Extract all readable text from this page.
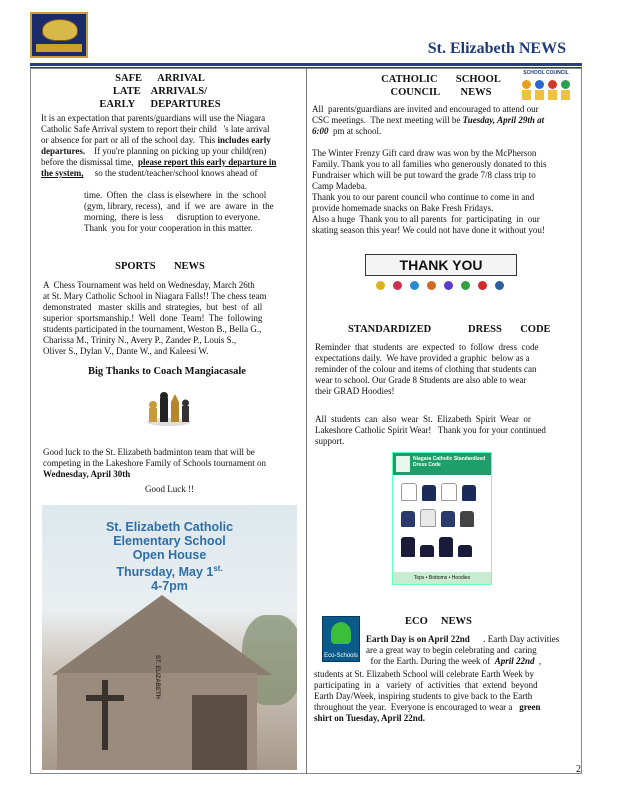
St. Elizabeth NEWS
SAFE      ARRIVAL
LATE    ARRIVALS/
EARLY      DEPARTURES
It is an expectation that parents/guardians will use the Niagara
Catholic Safe Arrival system to report their child   's late arrival
or absence for part or all of the school day.  This includes early
departures.    If you're planning on picking up your child(ren)
before the dismissal time,  please report this early departure in
the system,     so the student/teacher/school knows ahead of
time.  Often  the  class is elsewhere  in  the  school
(gym, library, recess),  and  if  we  are  aware  in  the
morning,  there is less      disruption to everyone.
Thank  you for your cooperation in this matter.
SPORTS       NEWS
A  Chess Tournament was held on Wednesday, March 26th
at St. Mary Catholic School in Niagara Falls!! The chess team
demonstrated   master  skills and  strategies,  but  best  of  all
superior  sportsmanship.!  Well  done  Team!  The  following
students participated in the tournament, Weston B., Bella G.,
Charissa M., Trinity N., Avery P., Zander P., Louis S.,
Oliver S., Dylan V., Dante W., and Kaleesi W.
Big Thanks to Coach Mangiacasale
Good luck to the St. Elizabeth badminton team that will be
competing in the Lakeshore Family of Schools tournament on
Wednesday, April 30th
Good Luck !!
ST. ELIZABETH
St. Elizabeth Catholic
Elementary School
Open House
Thursday, May $1^{st.}$
4-7pm
CATHOLIC       SCHOOL
COUNCIL        NEWS
SCHOOL COUNCIL
All  parents/guardians are invited and encouraged to attend our
CSC meetings.  The next meeting will be Tuesday, April 29th at
6:00  pm at school.

The Winter Frenzy Gift card draw was won by the McPherson
Family. Thank you to all families who generously donated to this
Fundraiser which will be put toward the grade 7/8 class trip to
Camp Madeba.
Thank you to our parent council who continue to come in and
provide homemade snacks on Bake Fresh Fridays.
Also a huge  Thank you to all parents  for  participating  in  our
skating season this year! We could not have done it without you!
THANK YOU
STANDARDIZED              DRESS       CODE
Reminder  that  students  are  expected  to  follow  dress  code
expectations daily.  We have provided a graphic  below as a
reminder of the colour and items of clothing that students can
wear to school. Our Grade 8 Students are also able to wear
their GRAD Hoodies!
All  students  can  also  wear  St.  Elizabeth  Spirit  Wear  or
Lakeshore Catholic Spirit Wear!   Thank you for your continued
support.
Niagara Catholic Standardized Dress Code
Tops • Bottoms • Hoodies
ECO     NEWS
Eco-Schools
Earth Day is on April 22nd      . Earth Day activities
are a great way to begin celebrating and  caring
for the Earth. During the week of  April 22nd  ,
students at St. Elizabeth School will celebrate Earth Week by
participating  in  a   variety  of  activities  that  extend  beyond
Earth Day/Week, inspiring students to give back to the Earth
throughout the year.  Everyone is encouraged to wear a   green
shirt on Tuesday, April 22nd.
2
